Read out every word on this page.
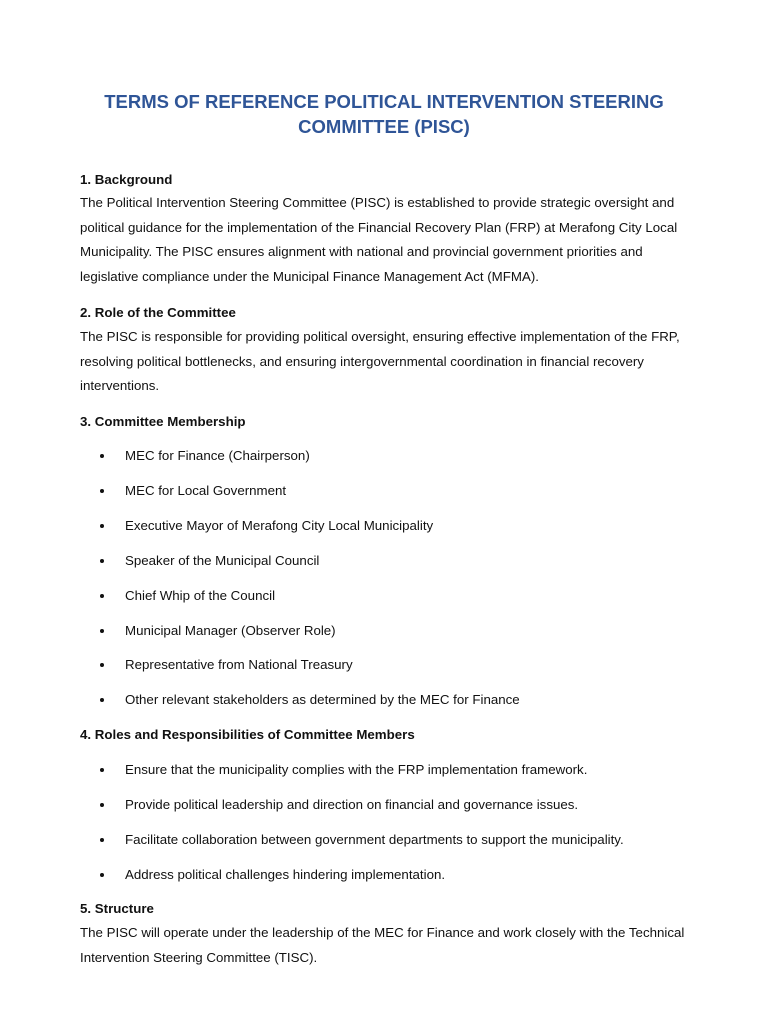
TERMS OF REFERENCE POLITICAL INTERVENTION STEERING COMMITTEE (PISC)
1. Background

The Political Intervention Steering Committee (PISC) is established to provide strategic oversight and political guidance for the implementation of the Financial Recovery Plan (FRP) at Merafong City Local Municipality. The PISC ensures alignment with national and provincial government priorities and legislative compliance under the Municipal Finance Management Act (MFMA).

2. Role of the Committee

The PISC is responsible for providing political oversight, ensuring effective implementation of the FRP, resolving political bottlenecks, and ensuring intergovernmental coordination in financial recovery interventions.

3. Committee Membership
MEC for Finance (Chairperson)
MEC for Local Government
Executive Mayor of Merafong City Local Municipality
Speaker of the Municipal Council
Chief Whip of the Council
Municipal Manager (Observer Role)
Representative from National Treasury
Other relevant stakeholders as determined by the MEC for Finance
4. Roles and Responsibilities of Committee Members
Ensure that the municipality complies with the FRP implementation framework.
Provide political leadership and direction on financial and governance issues.
Facilitate collaboration between government departments to support the municipality.
Address political challenges hindering implementation.
5. Structure

The PISC will operate under the leadership of the MEC for Finance and work closely with the Technical Intervention Steering Committee (TISC).
